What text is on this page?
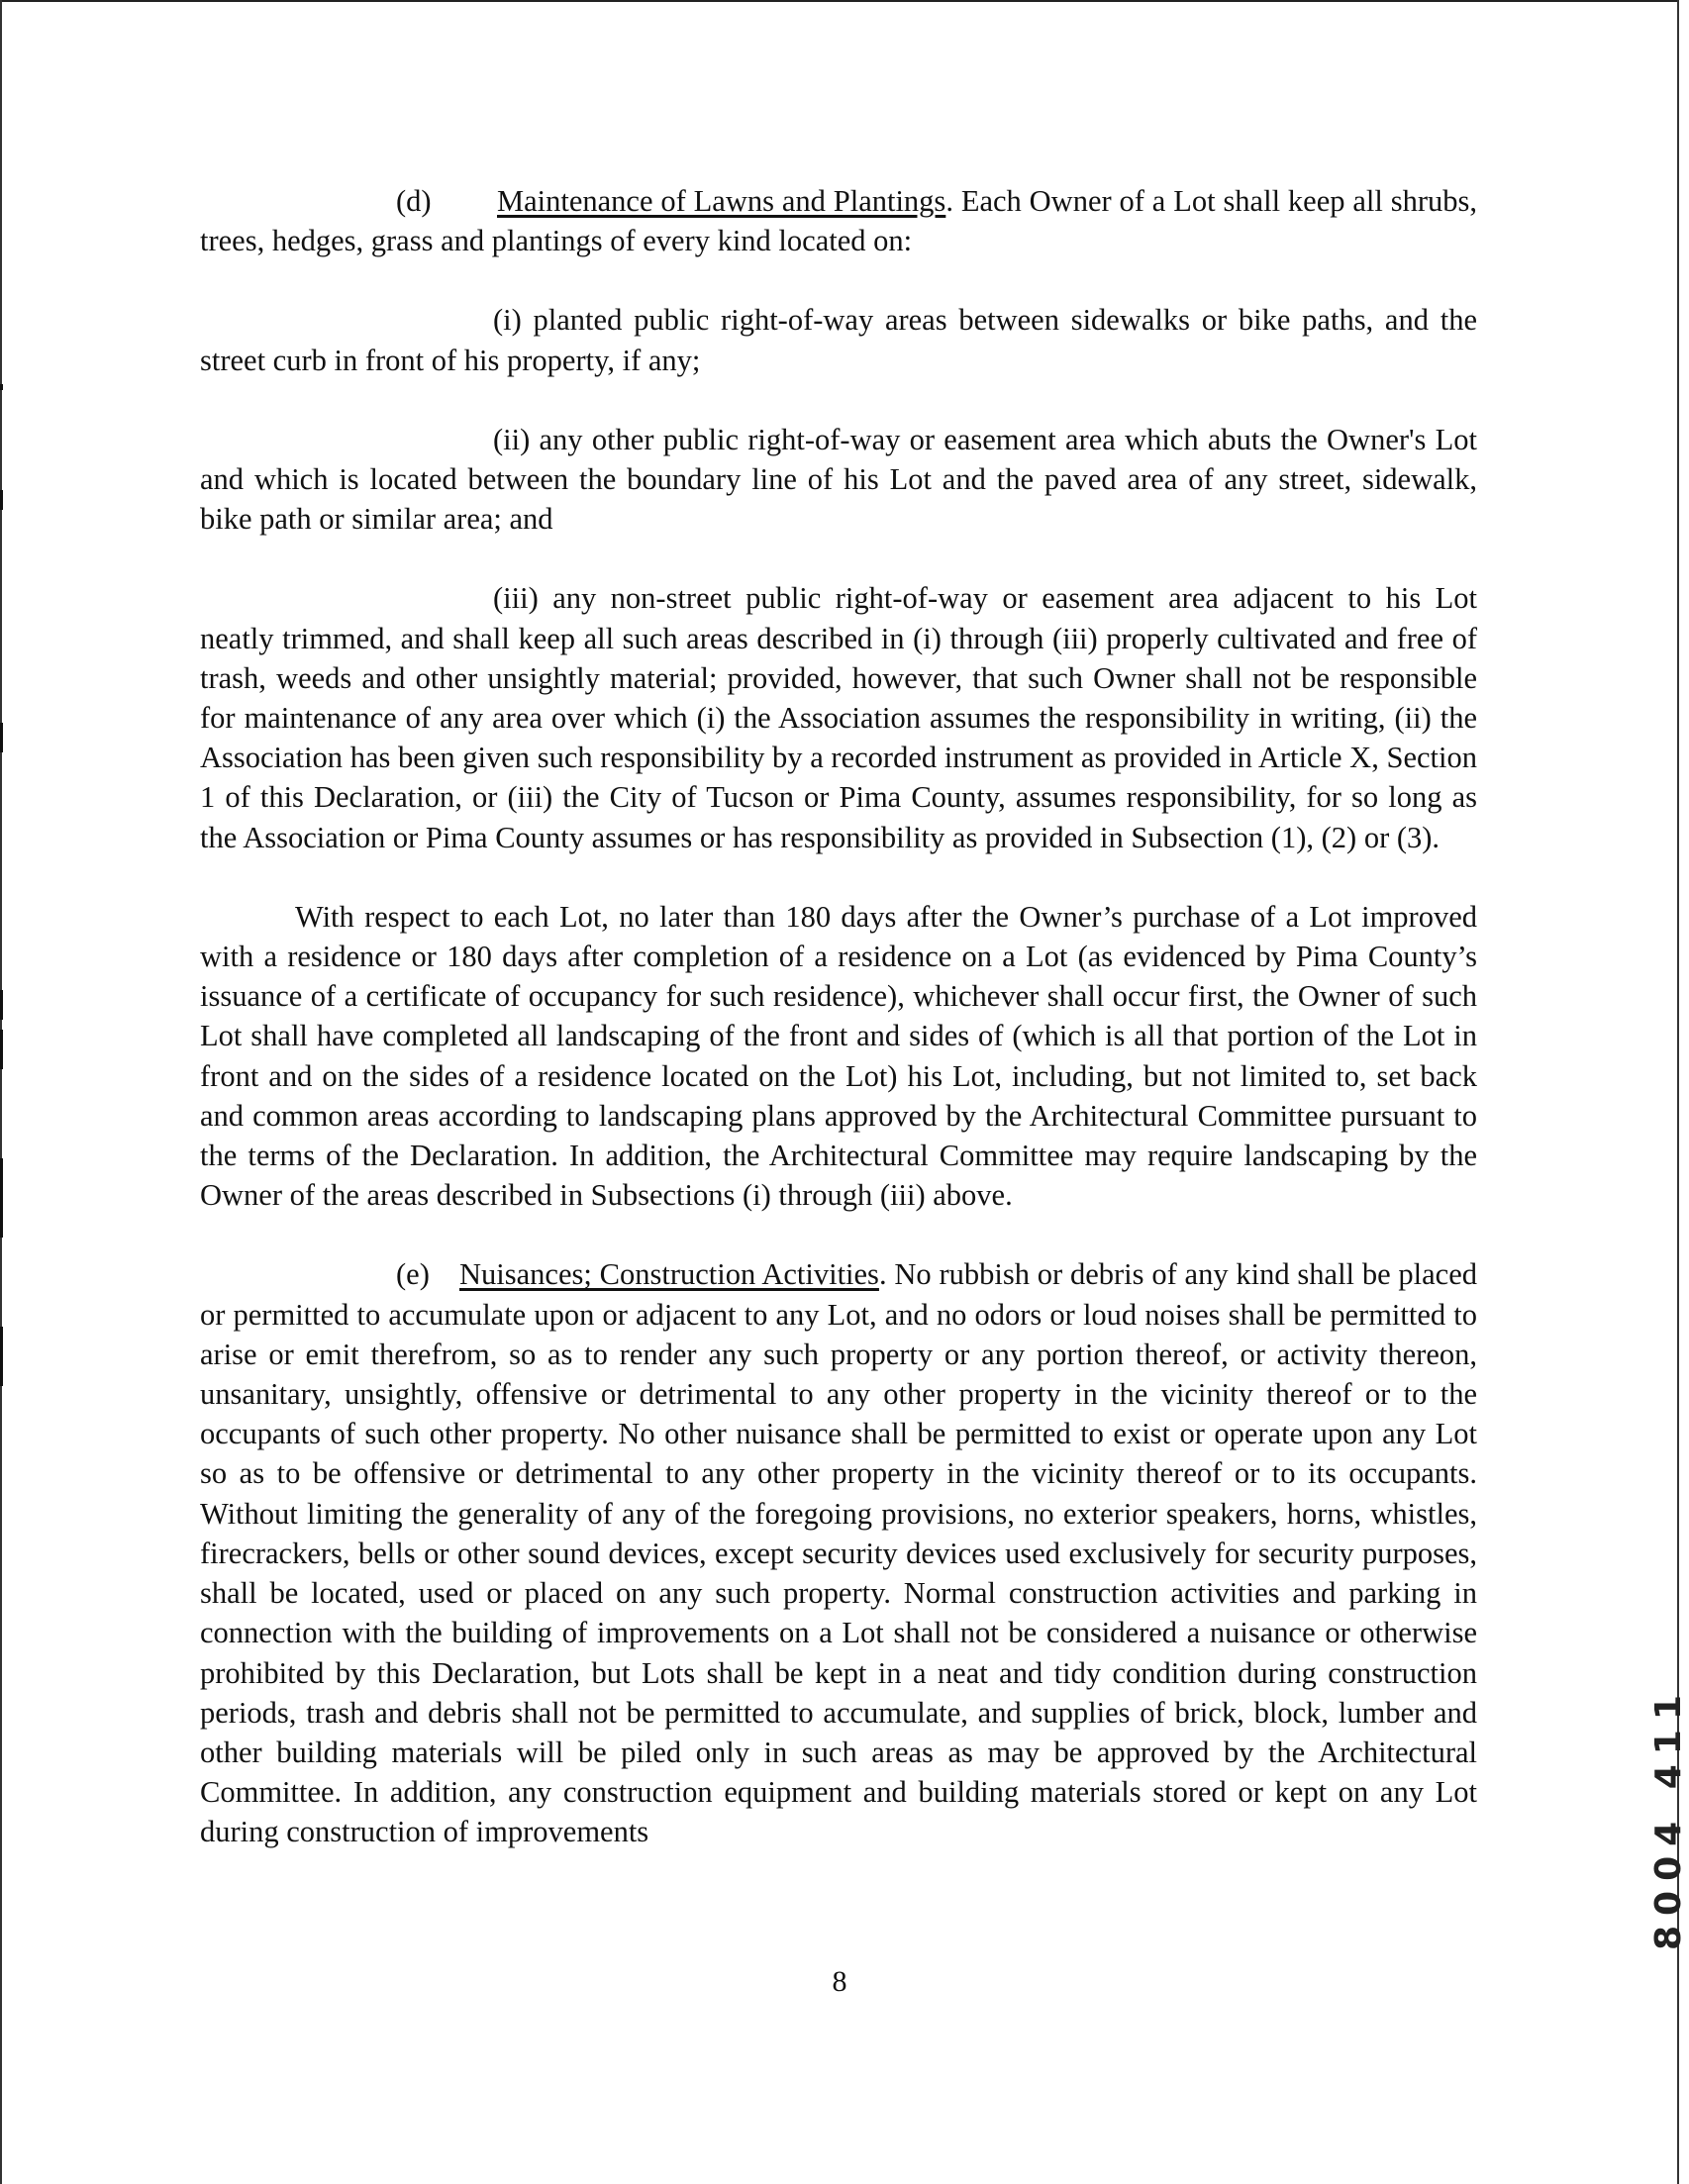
(d) Maintenance of Lawns and Plantings. Each Owner of a Lot shall keep all shrubs, trees, hedges, grass and plantings of every kind located on:

(i) planted public right-of-way areas between sidewalks or bike paths, and the street curb in front of his property, if any;

(ii) any other public right-of-way or easement area which abuts the Owner's Lot and which is located between the boundary line of his Lot and the paved area of any street, sidewalk, bike path or similar area; and

(iii) any non-street public right-of-way or easement area adjacent to his Lot neatly trimmed, and shall keep all such areas described in (i) through (iii) properly cultivated and free of trash, weeds and other unsightly material; provided, however, that such Owner shall not be responsible for maintenance of any area over which (i) the Association assumes the responsibility in writing, (ii) the Association has been given such responsibility by a recorded instrument as provided in Article X, Section 1 of this Declaration, or (iii) the City of Tucson or Pima County, assumes responsibility, for so long as the Association or Pima County assumes or has responsibility as provided in Subsection (1), (2) or (3).

With respect to each Lot, no later than 180 days after the Owner’s purchase of a Lot improved with a residence or 180 days after completion of a residence on a Lot (as evidenced by Pima County’s issuance of a certificate of occupancy for such residence), whichever shall occur first, the Owner of such Lot shall have completed all landscaping of the front and sides of (which is all that portion of the Lot in front and on the sides of a residence located on the Lot) his Lot, including, but not limited to, set back and common areas according to landscaping plans approved by the Architectural Committee pursuant to the terms of the Declaration. In addition, the Architectural Committee may require landscaping by the Owner of the areas described in Subsections (i) through (iii) above.

(e) Nuisances; Construction Activities. No rubbish or debris of any kind shall be placed or permitted to accumulate upon or adjacent to any Lot, and no odors or loud noises shall be permitted to arise or emit therefrom, so as to render any such property or any portion thereof, or activity thereon, unsanitary, unsightly, offensive or detrimental to any other property in the vicinity thereof or to the occupants of such other property. No other nuisance shall be permitted to exist or operate upon any Lot so as to be offensive or detrimental to any other property in the vicinity thereof or to its occupants. Without limiting the generality of any of the foregoing provisions, no exterior speakers, horns, whistles, firecrackers, bells or other sound devices, except security devices used exclusively for security purposes, shall be located, used or placed on any such property. Normal construction activities and parking in connection with the building of improvements on a Lot shall not be considered a nuisance or otherwise prohibited by this Declaration, but Lots shall be kept in a neat and tidy condition during construction periods, trash and debris shall not be permitted to accumulate, and supplies of brick, block, lumber and other building materials will be piled only in such areas as may be approved by the Architectural Committee. In addition, any construction equipment and building materials stored or kept on any Lot during construction of improvements

8
8004 411
